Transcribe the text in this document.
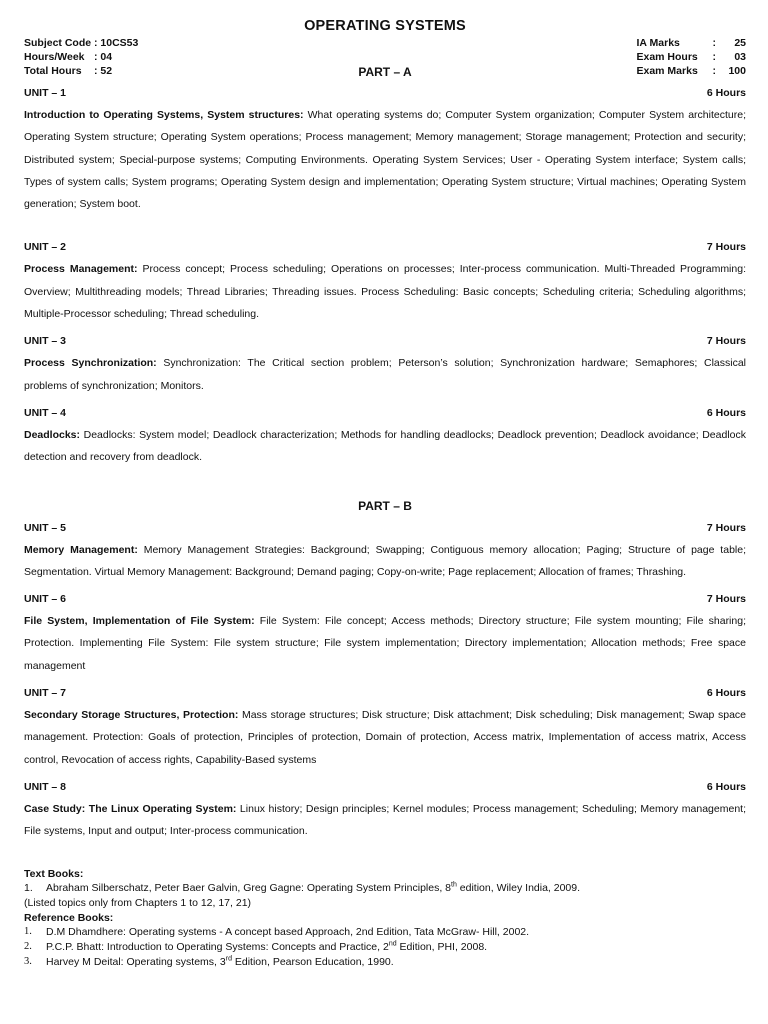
OPERATING SYSTEMS
Subject Code : 10CS53
Hours/Week : 04
Total Hours	: 52
IA Marks	:	25
Exam Hours	:	03
Exam Marks	:	100
PART – A
UNIT – 1	6 Hours
Introduction to Operating Systems, System structures: What operating systems do; Computer System organization; Computer System architecture; Operating System structure; Operating System operations; Process management; Memory management; Storage management; Protection and security; Distributed system; Special-purpose systems; Computing Environments. Operating System Services; User - Operating System interface; System calls; Types of system calls; System programs; Operating System design and implementation; Operating System structure; Virtual machines; Operating System generation; System boot.
UNIT – 2	7 Hours
Process Management: Process concept; Process scheduling; Operations on processes; Inter-process communication. Multi-Threaded Programming: Overview; Multithreading models; Thread Libraries; Threading issues. Process Scheduling: Basic concepts; Scheduling criteria; Scheduling algorithms; Multiple-Processor scheduling; Thread scheduling.
UNIT – 3	7 Hours
Process Synchronization: Synchronization: The Critical section problem; Peterson’s solution; Synchronization hardware; Semaphores; Classical problems of synchronization; Monitors.
UNIT – 4	6 Hours
Deadlocks: Deadlocks: System model; Deadlock characterization; Methods for handling deadlocks; Deadlock prevention; Deadlock avoidance; Deadlock detection and recovery from deadlock.
PART – B
UNIT – 5	7 Hours
Memory Management: Memory Management Strategies: Background; Swapping; Contiguous memory allocation; Paging; Structure of page table; Segmentation. Virtual Memory Management: Background; Demand paging; Copy-on-write; Page replacement; Allocation of frames; Thrashing.
UNIT – 6	7 Hours
File System, Implementation of File System: File System: File concept; Access methods; Directory structure; File system mounting; File sharing; Protection. Implementing File System: File system structure; File system implementation; Directory implementation; Allocation methods; Free space management
UNIT – 7	6 Hours
Secondary Storage Structures, Protection: Mass storage structures; Disk structure; Disk attachment; Disk scheduling; Disk management; Swap space management. Protection: Goals of protection, Principles of protection, Domain of protection, Access matrix, Implementation of access matrix, Access control, Revocation of access rights, Capability-Based systems
UNIT – 8	6 Hours
Case Study: The Linux Operating System: Linux history; Design principles; Kernel modules; Process management; Scheduling; Memory management; File systems, Input and output; Inter-process communication.
Text Books:
1.	Abraham Silberschatz, Peter Baer Galvin, Greg Gagne: Operating System Principles, 8th edition, Wiley India, 2009.
(Listed topics only from Chapters 1 to 12, 17, 21)
Reference Books:
1.	D.M Dhamdhere: Operating systems - A concept based Approach, 2nd Edition, Tata McGraw- Hill, 2002.
2.	P.C.P. Bhatt: Introduction to Operating Systems: Concepts and Practice, 2nd Edition, PHI, 2008.
3.	Harvey M Deital: Operating systems, 3rd Edition, Pearson Education, 1990.
